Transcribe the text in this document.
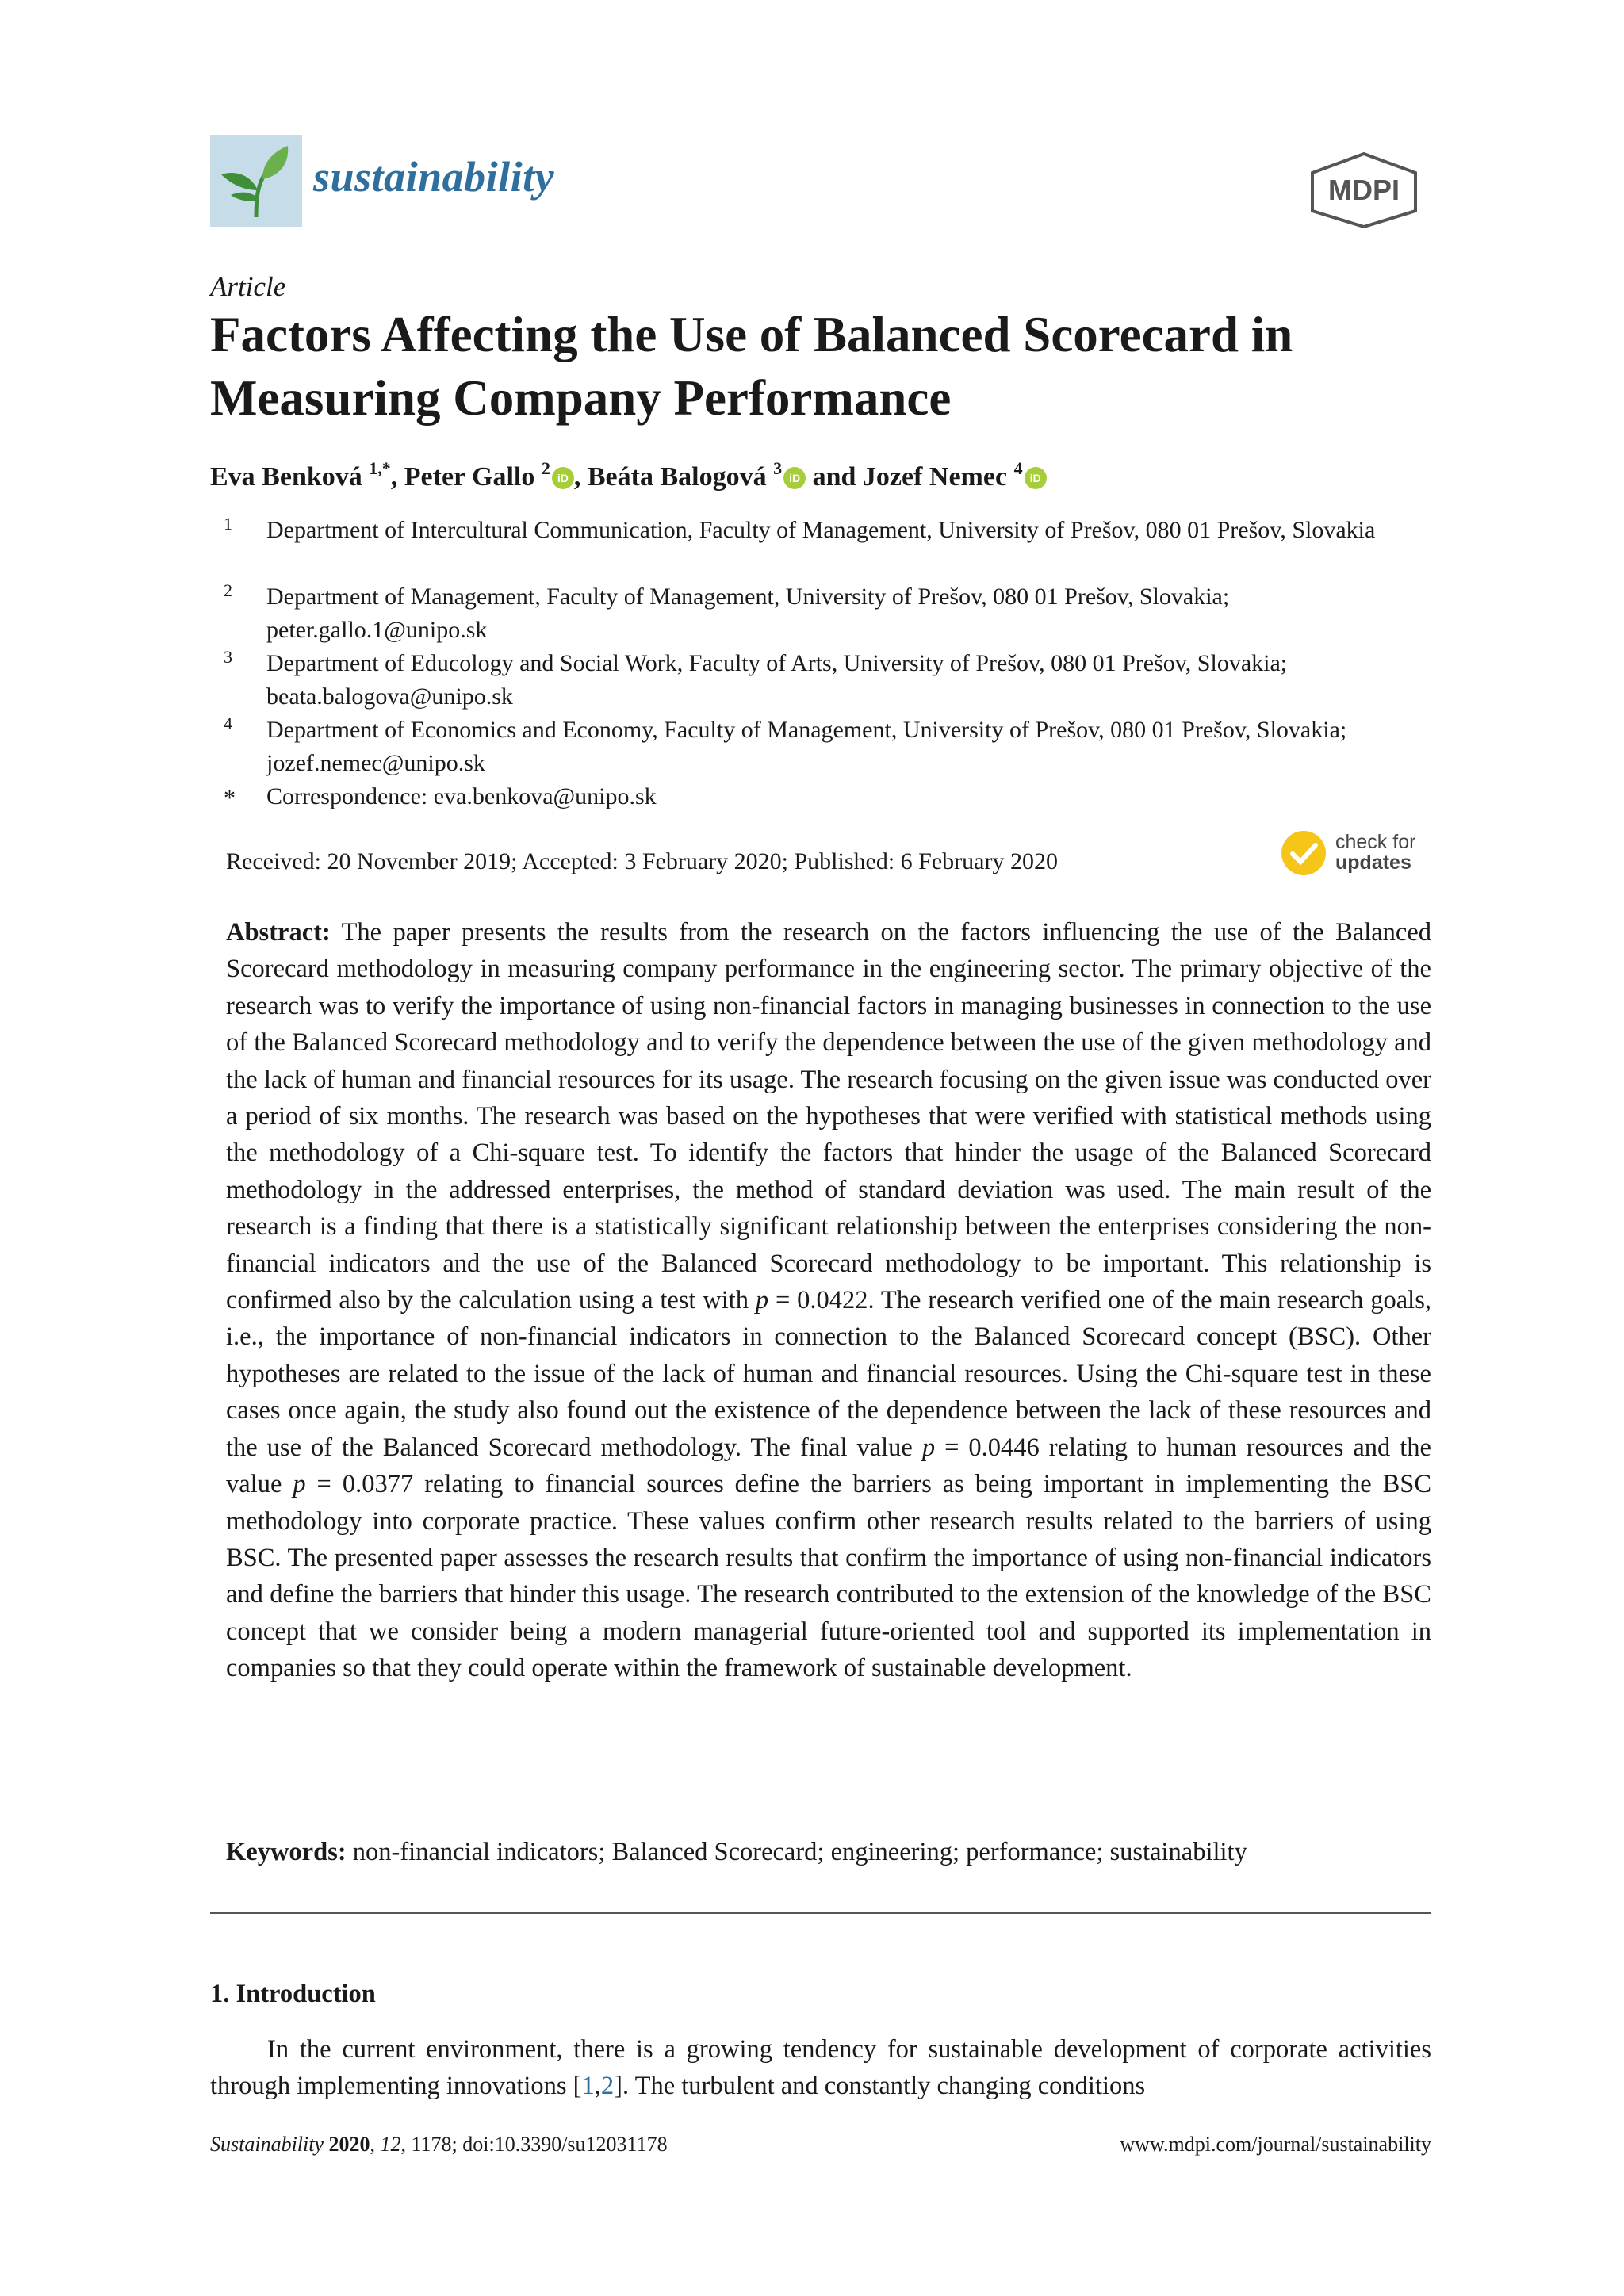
sustainability	MDPI
Article
Factors Affecting the Use of Balanced Scorecard in Measuring Company Performance
Eva Benková $^{1,*}$, Peter Gallo $^2$ iD , Beáta Balogová $^3$ iD and Jozef Nemec $^4$ iD
1 Department of Intercultural Communication, Faculty of Management, University of Prešov, 080 01 Prešov, Slovakia
2 Department of Management, Faculty of Management, University of Prešov, 080 01 Prešov, Slovakia; peter.gallo.1@unipo.sk
3 Department of Educology and Social Work, Faculty of Arts, University of Prešov, 080 01 Prešov, Slovakia; beata.balogova@unipo.sk
4 Department of Economics and Economy, Faculty of Management, University of Prešov, 080 01 Prešov, Slovakia; jozef.nemec@unipo.sk
* Correspondence: eva.benkova@unipo.sk
Received: 20 November 2019; Accepted: 3 February 2020; Published: 6 February 2020
check for
updates
Abstract: The paper presents the results from the research on the factors influencing the use of the Balanced Scorecard methodology in measuring company performance in the engineering sector. The primary objective of the research was to verify the importance of using non-financial factors in managing businesses in connection to the use of the Balanced Scorecard methodology and to verify the dependence between the use of the given methodology and the lack of human and financial resources for its usage. The research focusing on the given issue was conducted over a period of six months. The research was based on the hypotheses that were verified with statistical methods using the methodology of a Chi-square test. To identify the factors that hinder the usage of the Balanced Scorecard methodology in the addressed enterprises, the method of standard deviation was used. The main result of the research is a finding that there is a statistically significant relationship between the enterprises considering the non-financial indicators and the use of the Balanced Scorecard methodology to be important. This relationship is confirmed also by the calculation using a test with p = 0.0422. The research verified one of the main research goals, i.e., the importance of non-financial indicators in connection to the Balanced Scorecard concept (BSC). Other hypotheses are related to the issue of the lack of human and financial resources. Using the Chi-square test in these cases once again, the study also found out the existence of the dependence between the lack of these resources and the use of the Balanced Scorecard methodology. The final value p = 0.0446 relating to human resources and the value p = 0.0377 relating to financial sources define the barriers as being important in implementing the BSC methodology into corporate practice. These values confirm other research results related to the barriers of using BSC. The presented paper assesses the research results that confirm the importance of using non-financial indicators and define the barriers that hinder this usage. The research contributed to the extension of the knowledge of the BSC concept that we consider being a modern managerial future-oriented tool and supported its implementation in companies so that they could operate within the framework of sustainable development.
Keywords: non-financial indicators; Balanced Scorecard; engineering; performance; sustainability
1. Introduction
In the current environment, there is a growing tendency for sustainable development of corporate activities through implementing innovations [1,2]. The turbulent and constantly changing conditions
Sustainability 2020, 12, 1178; doi:10.3390/su12031178	www.mdpi.com/journal/sustainability
